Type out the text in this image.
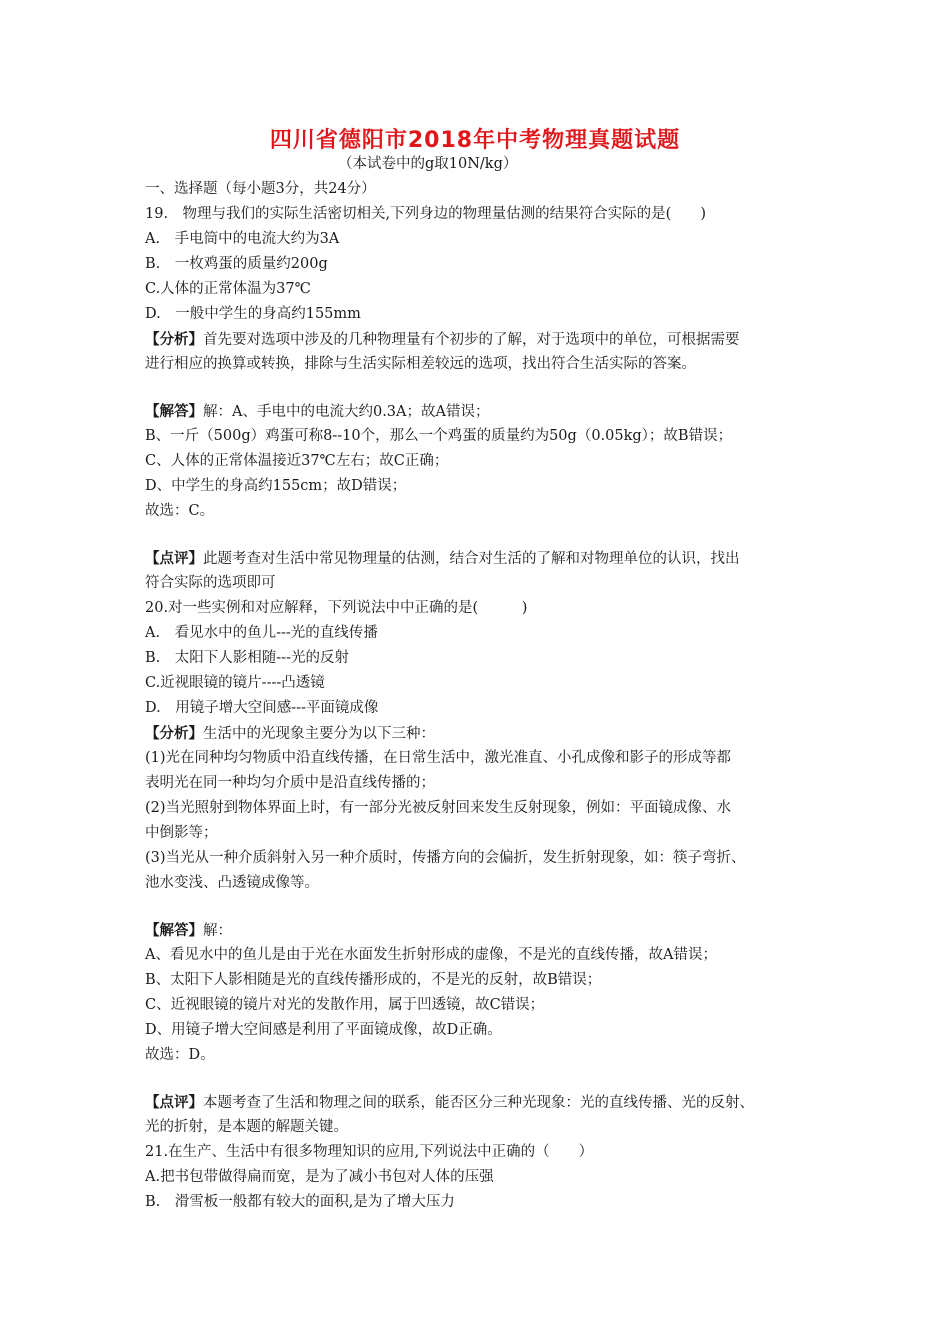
四川省德阳市2018年中考物理真题试题
（本试卷中的g取10N/kg）
一、选择题（每小题3分，共24分）
19.　物理与我们的实际生活密切相关,下列身边的物理量估测的结果符合实际的是(　　)
A.　手电筒中的电流大约为3A
B.　一枚鸡蛋的质量约200g
C.人体的正常体温为37℃
D.　一般中学生的身高约155mm
【分析】首先要对选项中涉及的几种物理量有个初步的了解，对于选项中的单位，可根据需要
进行相应的换算或转换，排除与生活实际相差较远的选项，找出符合生活实际的答案。
【解答】解：A、手电中的电流大约0.3A；故A错误；
B、一斤（500g）鸡蛋可称8--10个，那么一个鸡蛋的质量约为50g（0.05kg）；故B错误；
C、人体的正常体温接近37℃左右；故C正确；
D、中学生的身高约155cm；故D错误；
故选：C。
【点评】此题考查对生活中常见物理量的估测，结合对生活的了解和对物理单位的认识，找出
符合实际的选项即可
20.对一些实例和对应解释，下列说法中中正确的是(　　　)
A.　看见水中的鱼儿---光的直线传播
B.　太阳下人影相随---光的反射
C.近视眼镜的镜片----凸透镜
D.　用镜子增大空间感---平面镜成像
【分析】生活中的光现象主要分为以下三种：
(1)光在同种均匀物质中沿直线传播，在日常生活中，激光准直、小孔成像和影子的形成等都
表明光在同一种均匀介质中是沿直线传播的；
(2)当光照射到物体界面上时，有一部分光被反射回来发生反射现象，例如：平面镜成像、水
中倒影等；
(3)当光从一种介质斜射入另一种介质时，传播方向的会偏折，发生折射现象，如：筷子弯折、
池水变浅、凸透镜成像等。
【解答】解：
A、看见水中的鱼儿是由于光在水面发生折射形成的虚像，不是光的直线传播，故A错误；
B、太阳下人影相随是光的直线传播形成的，不是光的反射，故B错误；
C、近视眼镜的镜片对光的发散作用，属于凹透镜，故C错误；
D、用镜子增大空间感是利用了平面镜成像，故D正确。
故选：D。
【点评】本题考查了生活和物理之间的联系，能否区分三种光现象：光的直线传播、光的反射、
光的折射，是本题的解题关键。
21.在生产、生活中有很多物理知识的应用,下列说法中正确的（　　）
A.把书包带做得扁而宽，是为了减小书包对人体的压强
B.　滑雪板一般都有较大的面积,是为了增大压力
